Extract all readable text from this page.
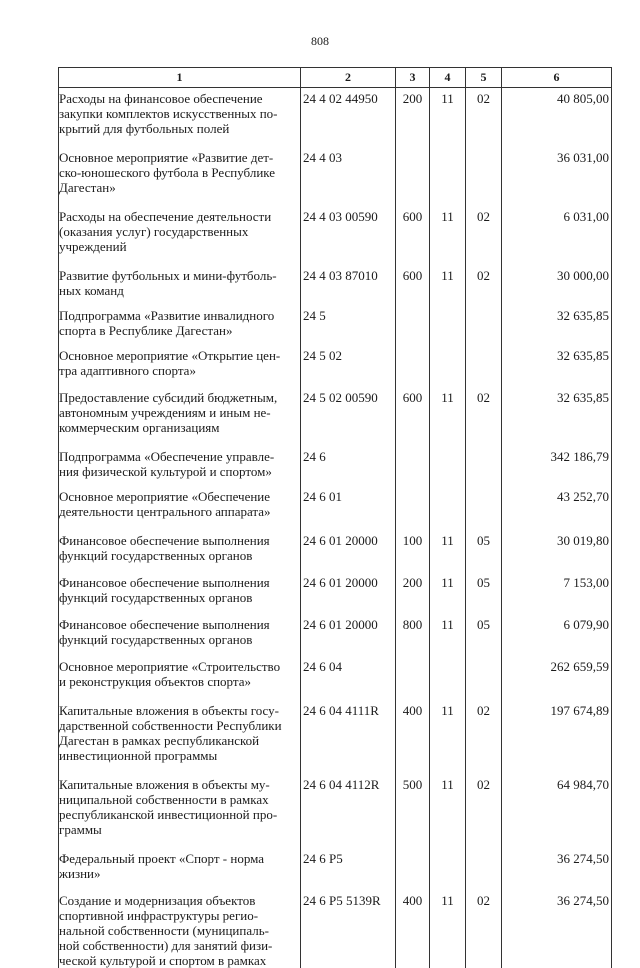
808
1	2	3	4	5	6

Расходы на финансовое обеспечение
закупки комплектов искусственных по-
крытий для футбольных полей	24 4 02 44950	200	11	02	40 805,00

Основное мероприятие «Развитие дет-
ско-юношеского футбола в Республике
Дагестан»	24 4 03				36 031,00

Расходы на обеспечение деятельности
(оказания услуг) государственных
учреждений	24 4 03 00590	600	11	02	6 031,00

Развитие футбольных и мини-футболь-
ных команд	24 4 03 87010	600	11	02	30 000,00

Подпрограмма «Развитие инвалидного
спорта в Республике Дагестан»	24 5				32 635,85

Основное мероприятие «Открытие цен-
тра адаптивного спорта»	24 5 02				32 635,85

Предоставление субсидий бюджетным,
автономным учреждениям и иным не-
коммерческим организациям	24 5 02 00590	600	11	02	32 635,85

Подпрограмма «Обеспечение управле-
ния физической культурой и спортом»	24 6				342 186,79

Основное мероприятие «Обеспечение
деятельности центрального аппарата»	24 6 01				43 252,70

Финансовое обеспечение выполнения
функций государственных органов	24 6 01 20000	100	11	05	30 019,80

Финансовое обеспечение выполнения
функций государственных органов	24 6 01 20000	200	11	05	7 153,00

Финансовое обеспечение выполнения
функций государственных органов	24 6 01 20000	800	11	05	6 079,90

Основное мероприятие «Строительство
и реконструкция объектов спорта»	24 6 04				262 659,59

Капитальные вложения в объекты госу-
дарственной собственности Республики
Дагестан в рамках республиканской
инвестиционной программы	24 6 04 4111R	400	11	02	197 674,89

Капитальные вложения в объекты му-
ниципальной собственности в рамках
республиканской инвестиционной про-
граммы	24 6 04 4112R	500	11	02	64 984,70

Федеральный проект «Спорт - норма
жизни»	24 6 Р5				36 274,50

Создание и модернизация объектов
спортивной инфраструктуры регио-
нальной собственности (муниципаль-
ной собственности) для занятий физи-
ческой культурой и спортом в рамках	24 6 Р5 5139R	400	11	02	36 274,50
